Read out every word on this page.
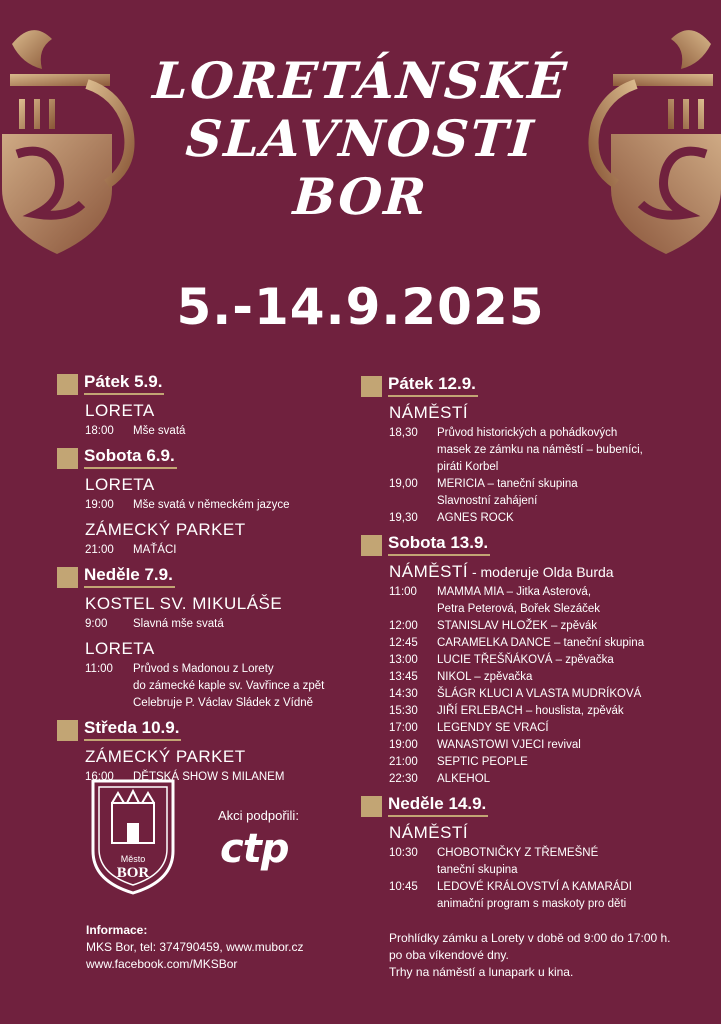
LORETÁNSKÉ
SLAVNOSTI
BOR
5.-14.9.2025
Pátek 5.9.
LORETA
18:00	Mše svatá
Sobota 6.9.
LORETA
19:00	Mše svatá v německém jazyce
ZÁMECKÝ PARKET
21:00	MAŤÁCI
Neděle 7.9.
KOSTEL SV. MIKULÁŠE
9:00	Slavná mše svatá
LORETA
11:00	Průvod s Madonou z Lorety
do zámecké kaple sv. Vavřince a zpět
Celebruje P. Václav Sládek z Vídně
Středa 10.9.
ZÁMECKÝ PARKET
16:00	DĚTSKÁ SHOW S MILANEM
Pátek 12.9.
NÁMĚSTÍ
18,30	Průvod historických a pohádkových
masek ze zámku na náměstí – bubeníci,
piráti Korbel
19,00	MERICIA – taneční skupina
Slavnostní zahájení
19,30	AGNES ROCK
Sobota 13.9.
NÁMĚSTÍ - moderuje Olda Burda
11:00	MAMMA MIA – Jitka Asterová,
Petra Peterová, Bořek Slezáček
12:00	STANISLAV HLOŽEK – zpěvák
12:45	CARAMELKA DANCE – taneční skupina
13:00	LUCIE TŘEŠŇÁKOVÁ – zpěvačka
13:45	NIKOL – zpěvačka
14:30	ŠLÁGR KLUCI A VLASTA MUDRÍKOVÁ
15:30	JIŘÍ ERLEBACH – houslista, zpěvák
17:00	LEGENDY SE VRACÍ
19:00	WANASTOWI VJECI revival
21:00	SEPTIC PEOPLE
22:30	ALKEHOL
Neděle 14.9.
NÁMĚSTÍ
10:30	CHOBOTNIČKY Z TŘEMEŠNÉ
taneční skupina
10:45	LEDOVÉ KRÁLOVSTVÍ A KAMARÁDI
animační program s maskoty pro děti
Město
BOR
Akci podpořili:
ctp
Informace:
MKS Bor, tel: 374790459, www.mubor.cz
www.facebook.com/MKSBor
Prohlídky zámku a Lorety v době od 9:00 do 17:00 h.
po oba víkendové dny.
Trhy na náměstí a lunapark u kina.
